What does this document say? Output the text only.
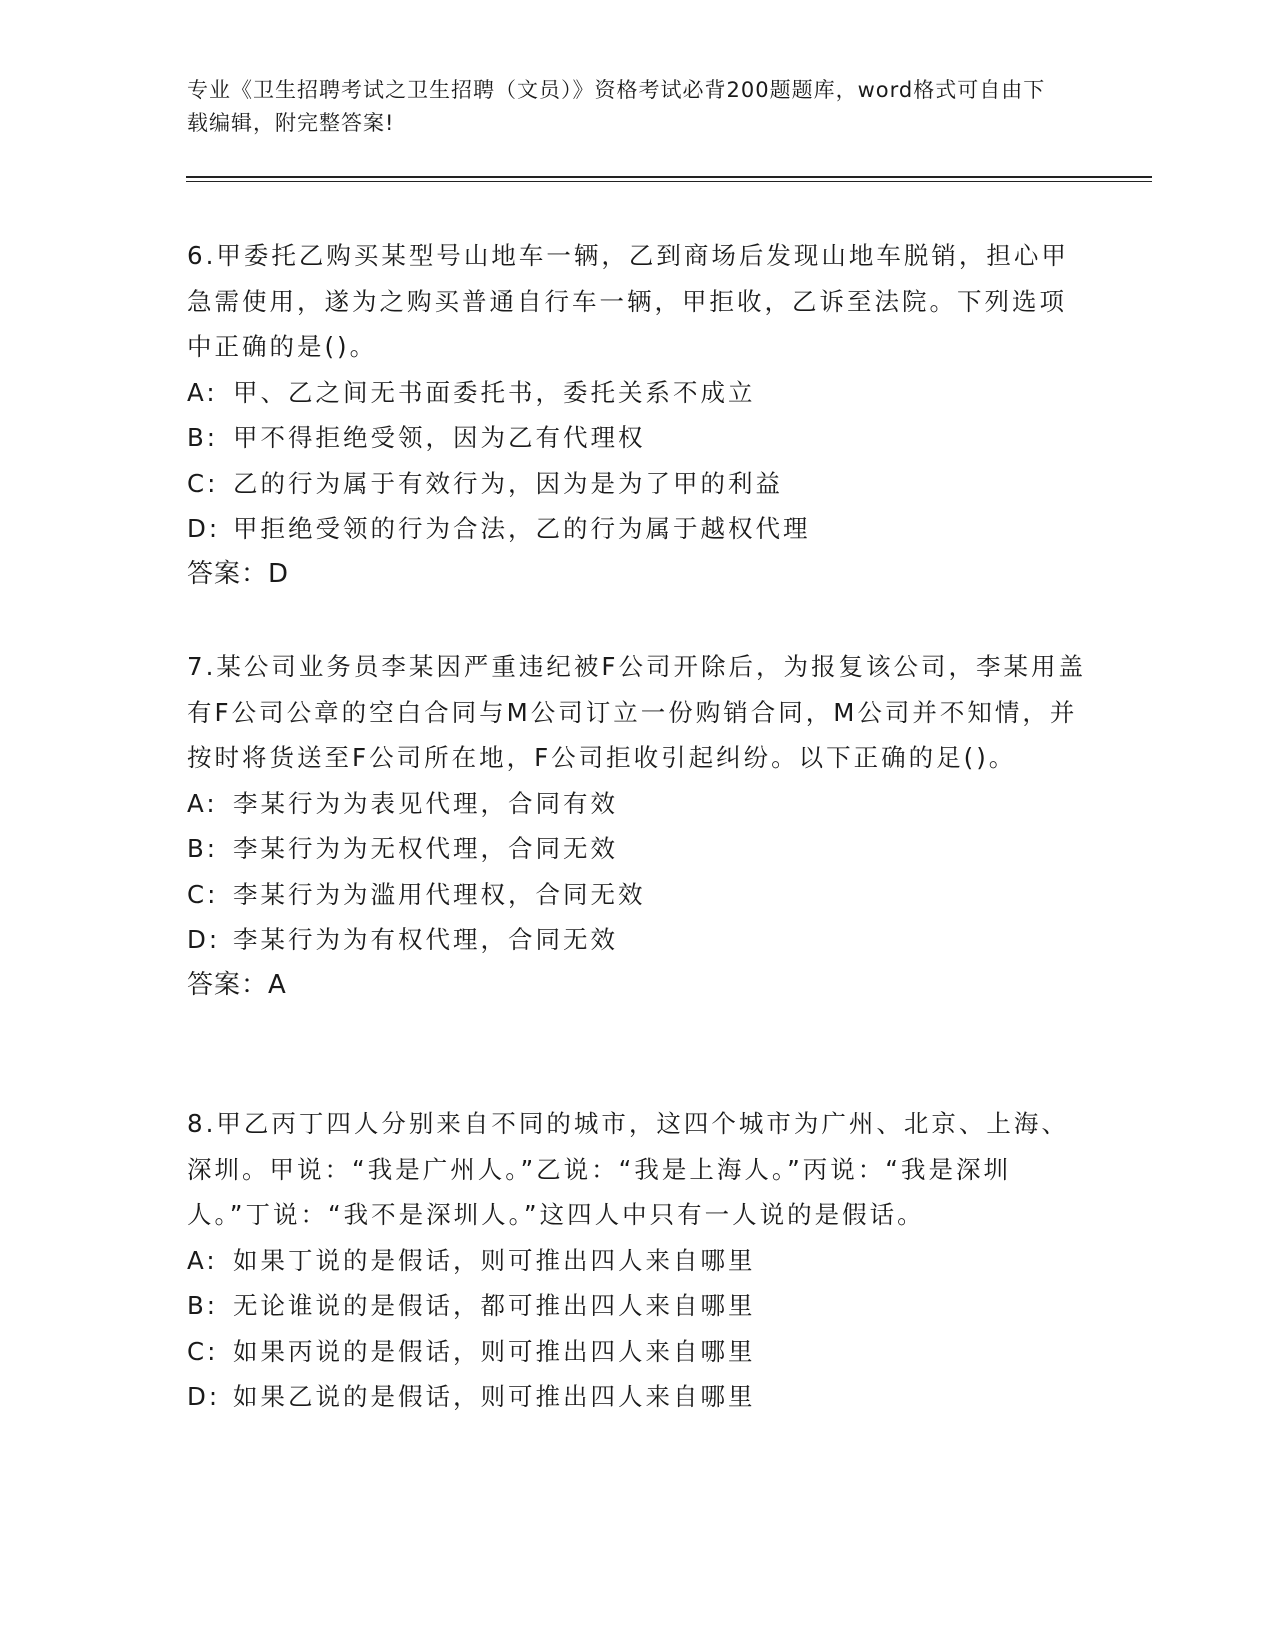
专业《卫生招聘考试之卫生招聘（文员）》资格考试必背200题题库，word格式可自由下载编辑，附完整答案!

6.甲委托乙购买某型号山地车一辆，乙到商场后发现山地车脱销，担心甲急需使用，遂为之购买普通自行车一辆，甲拒收，乙诉至法院。下列选项中正确的是()。

A: 甲、乙之间无书面委托书，委托关系不成立
B: 甲不得拒绝受领，因为乙有代理权
C: 乙的行为属于有效行为，因为是为了甲的利益
D: 甲拒绝受领的行为合法，乙的行为属于越权代理
答案：D

7.某公司业务员李某因严重违纪被F公司开除后，为报复该公司，李某用盖有F公司公章的空白合同与M公司订立一份购销合同，M公司并不知情，并按时将货送至F公司所在地，F公司拒收引起纠纷。以下正确的足()。

A: 李某行为为表见代理，合同有效
B: 李某行为为无权代理，合同无效
C: 李某行为为滥用代理权，合同无效
D: 李某行为为有权代理，合同无效
答案：A

8.甲乙丙丁四人分别来自不同的城市，这四个城市为广州、北京、上海、深圳。甲说：“我是广州人。”乙说：“我是上海人。”丙说：“我是深圳人。”丁说：“我不是深圳人。”这四人中只有一人说的是假话。

A: 如果丁说的是假话，则可推出四人来自哪里
B: 无论谁说的是假话，都可推出四人来自哪里
C: 如果丙说的是假话，则可推出四人来自哪里
D: 如果乙说的是假话，则可推出四人来自哪里
